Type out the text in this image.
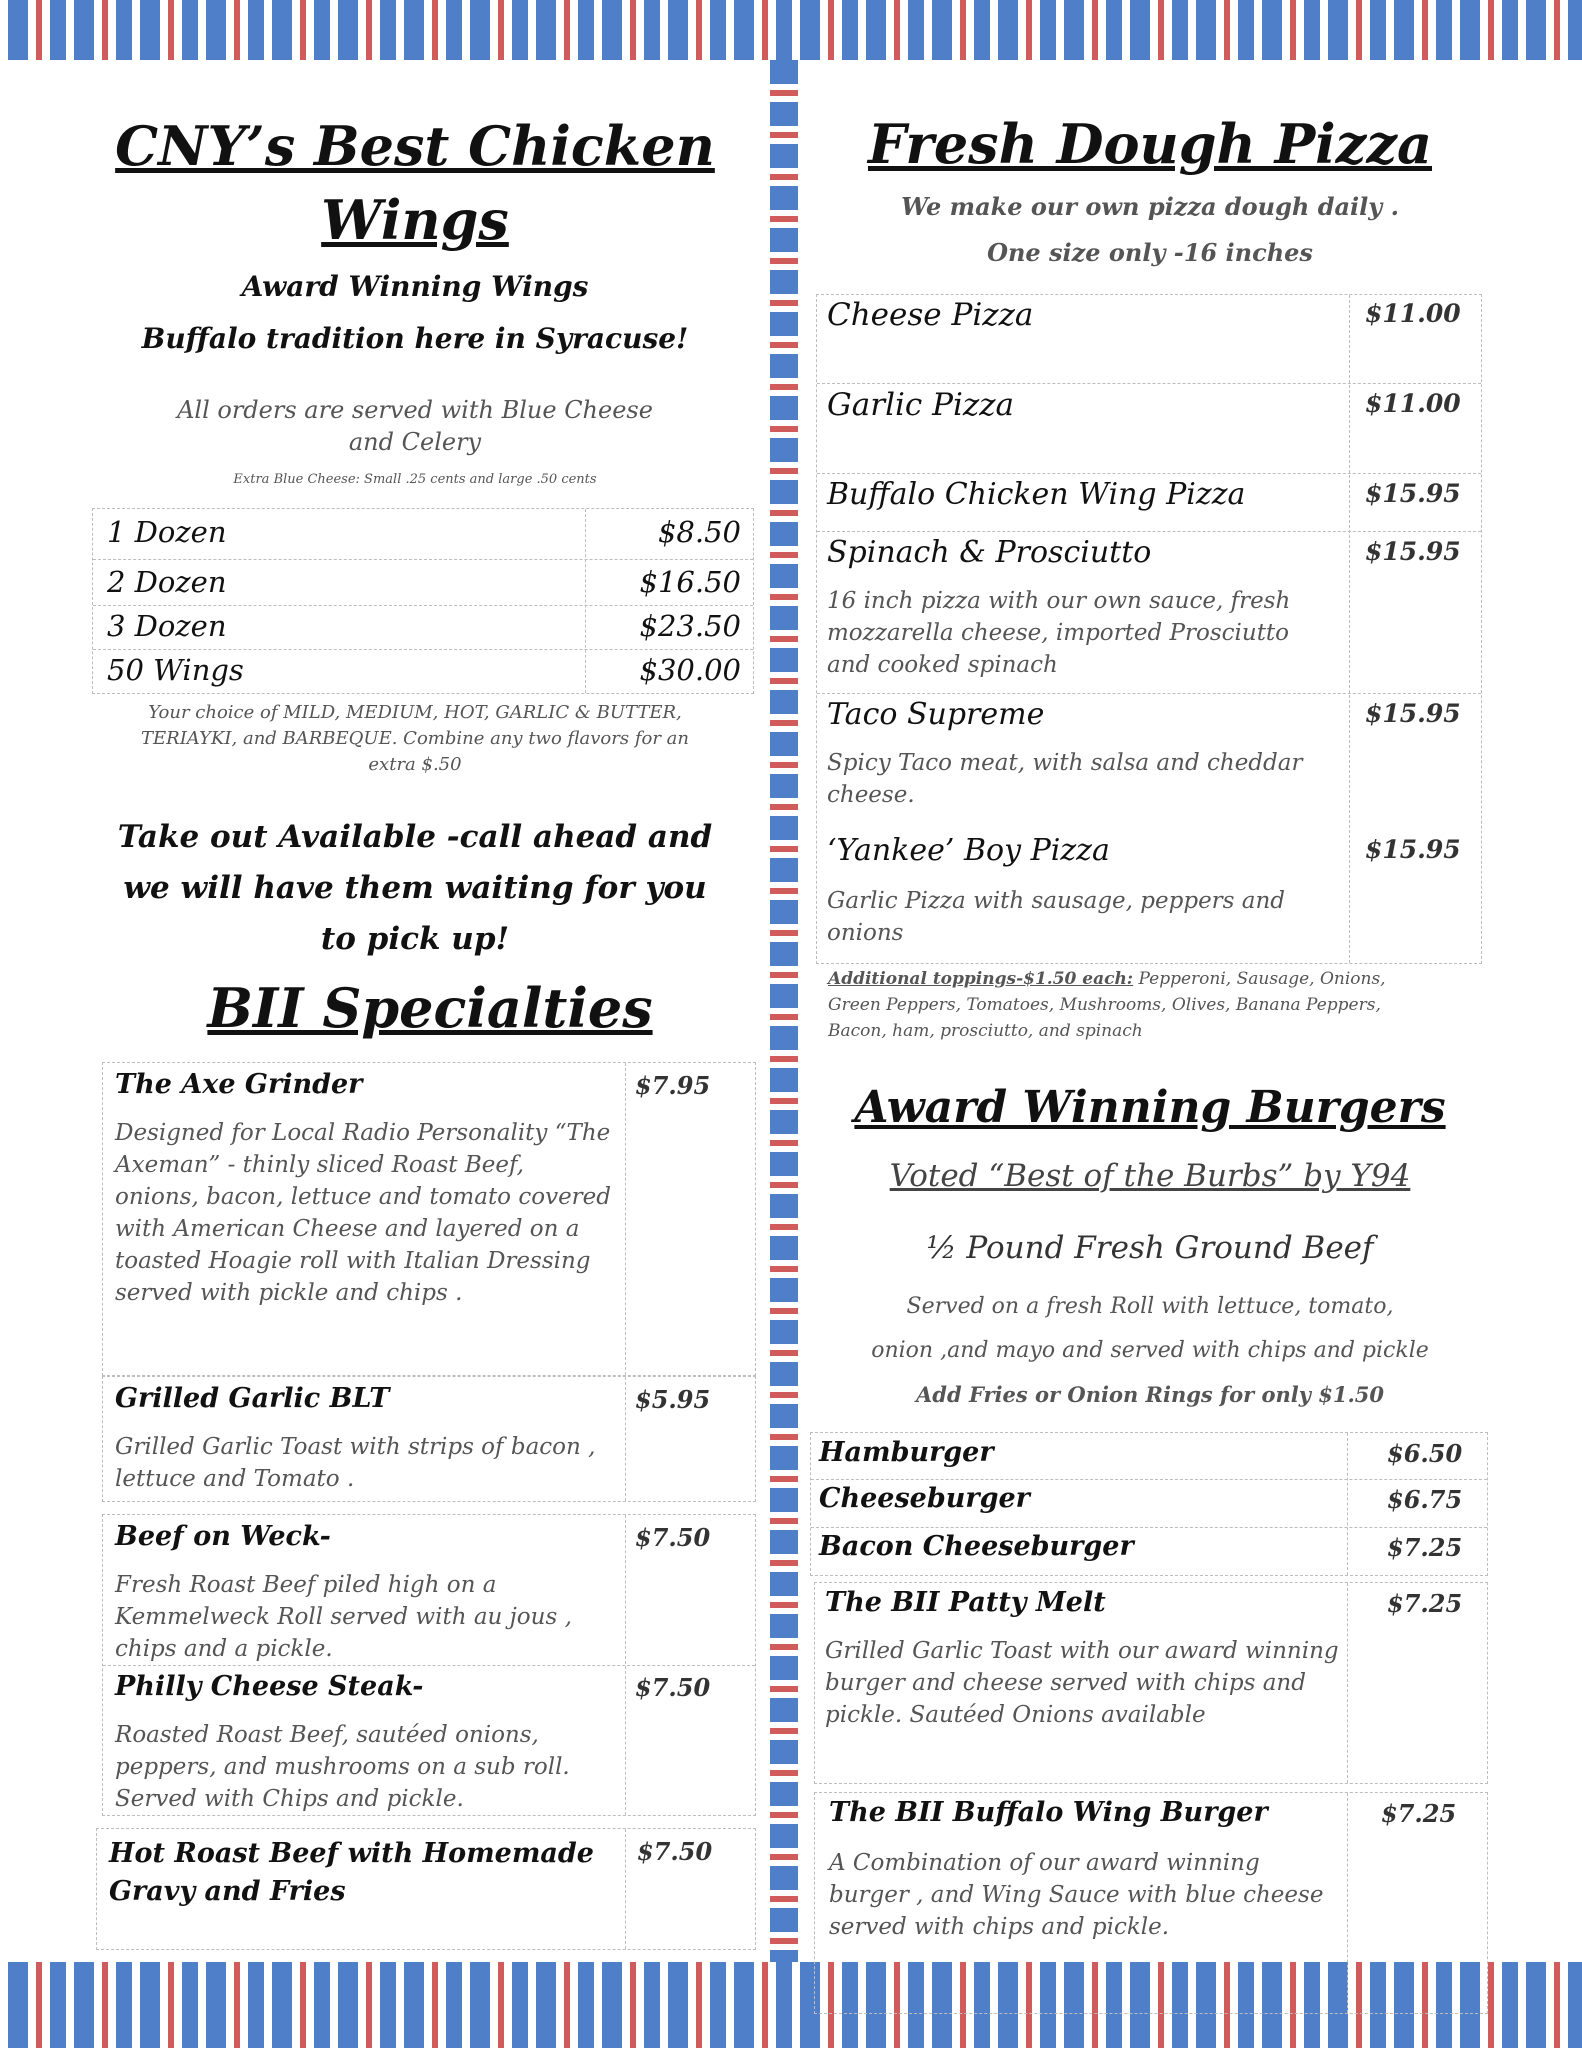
CNY’s Best Chicken
Wings
Award Winning Wings
Buffalo tradition here in Syracuse!
All orders are served with Blue Cheese and Celery
Extra Blue Cheese: Small .25 cents and large .50 cents
1 Dozen	$8.50
2 Dozen	$16.50
3 Dozen	$23.50
50 Wings	$30.00
Your choice of MILD, MEDIUM, HOT, GARLIC & BUTTER, TERIAYKI, and BARBEQUE. Combine any two flavors for an extra $.50
Take out Available -call ahead and we will have them waiting for you to pick up!
BII Specialties
The Axe Grinder	$7.95
Designed for Local Radio Personality “The Axeman” - thinly sliced Roast Beef, onions, bacon, lettuce and tomato covered with American Cheese and layered on a toasted Hoagie roll with Italian Dressing served with pickle and chips .
Grilled Garlic BLT	$5.95
Grilled Garlic Toast with strips of bacon , lettuce and Tomato .
Beef on Weck-	$7.50
Fresh Roast Beef piled high on a Kemmelweck Roll served with au jous , chips and a pickle.
Philly Cheese Steak-	$7.50
Roasted Roast Beef, sautéed onions, peppers, and mushrooms on a sub roll. Served with Chips and pickle.
Hot Roast Beef with Homemade Gravy and Fries
$7.50
Fresh Dough Pizza
We make our own pizza dough daily .
One size only -16 inches
Cheese Pizza	$11.00
Garlic Pizza	$11.00
Buffalo Chicken Wing Pizza	$15.95
Spinach & Prosciutto	$15.95
16 inch pizza with our own sauce, fresh mozzarella cheese, imported Prosciutto and cooked spinach
Taco Supreme	$15.95
Spicy Taco meat, with salsa and cheddar cheese.
‘Yankee’ Boy Pizza	$15.95
Garlic Pizza with sausage, peppers and onions
Additional toppings-$1.50 each: Pepperoni, Sausage, Onions, Green Peppers, Tomatoes, Mushrooms, Olives, Banana Peppers, Bacon, ham, prosciutto, and spinach
Award Winning Burgers
Voted “Best of the Burbs” by Y94
½ Pound Fresh Ground Beef
Served on a fresh Roll with lettuce, tomato,
onion ,and mayo and served with chips and pickle
Add Fries or Onion Rings for only $1.50
Hamburger	$6.50
Cheeseburger	$6.75
Bacon Cheeseburger	$7.25
The BII Patty Melt	$7.25
Grilled Garlic Toast with our award winning burger and cheese served with chips and pickle. Sautéed Onions available
The BII Buffalo Wing Burger	$7.25
A Combination of our award winning burger , and Wing Sauce with blue cheese served with chips and pickle.
